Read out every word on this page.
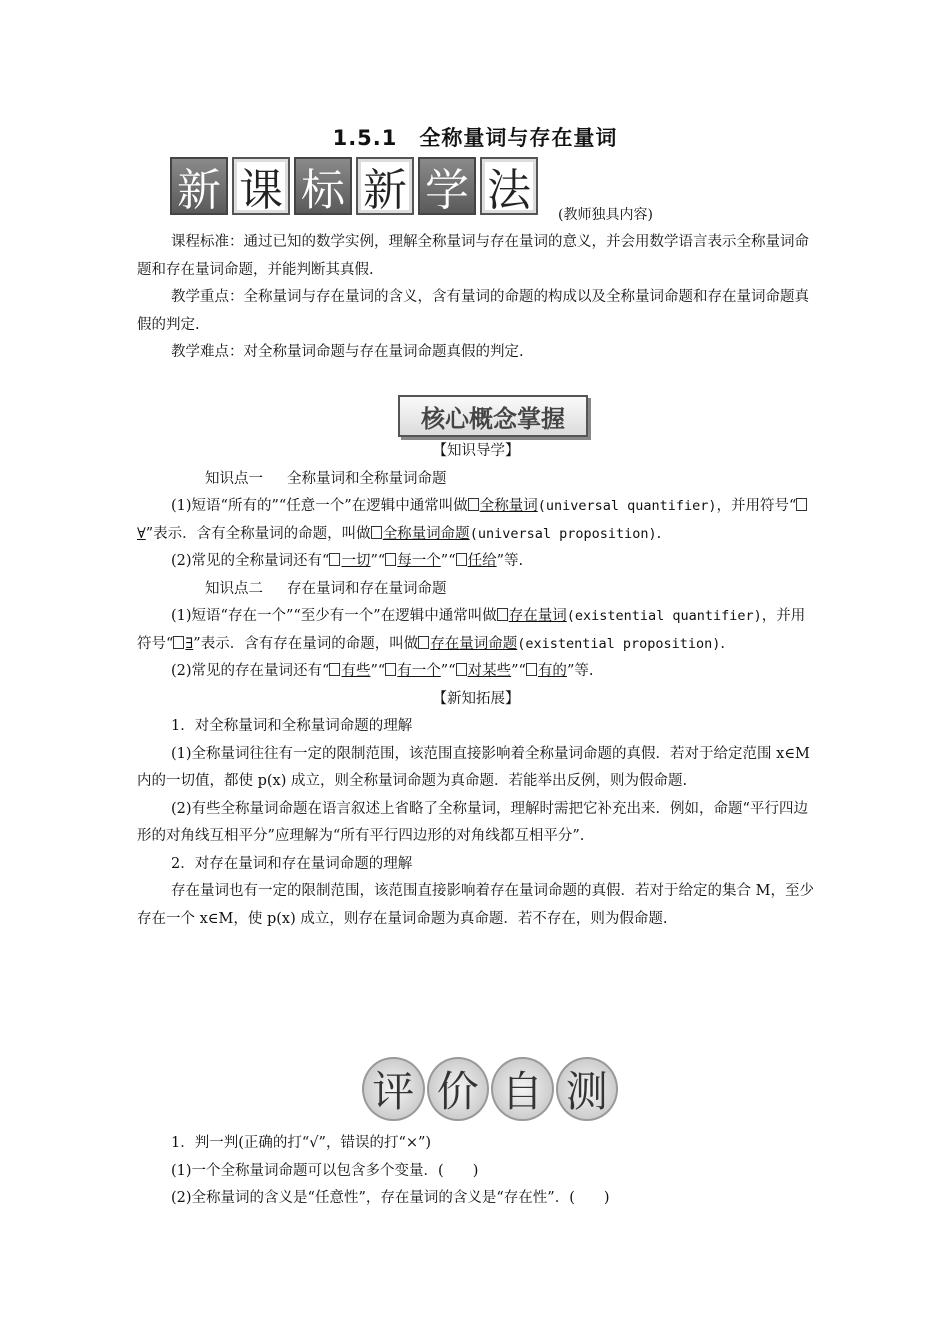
1.5.1　全称量词与存在量词
新 课 标 新 学 法	(教师独具内容)

课程标准：通过已知的数学实例，理解全称量词与存在量词的意义，并会用数学语言表示全称量词命题和存在量词命题，并能判断其真假.

教学重点：全称量词与存在量词的含义，含有量词的命题的构成以及全称量词命题和存在量词命题真假的判定.

教学难点：对全称量词命题与存在量词命题真假的判定.

核心概念掌握

【知识导学】

知识点一 全称量词和全称量词命题

(1)短语“所有的”“任意一个”在逻辑中通常叫做 全称量词(universal quantifier)，并用符号“∀”表示．含有全称量词的命题，叫做 全称量词命题(universal proposition).

(2)常见的全称量词还有“ 一切”“ 每一个”“ 任给”等.

知识点二 存在量词和存在量词命题

(1)短语“存在一个”“至少有一个”在逻辑中通常叫做 存在量词(existential quantifier)，并用符号“ ∃”表示．含有存在量词的命题，叫做 存在量词命题(existential proposition).

(2)常见的存在量词还有“ 有些”“ 有一个”“ 对某些”“ 有的”等.

【新知拓展】

1．对全称量词和全称量词命题的理解

(1)全称量词往往有一定的限制范围，该范围直接影响着全称量词命题的真假．若对于给定范围 x∈M 内的一切值，都使 p(x) 成立，则全称量词命题为真命题．若能举出反例，则为假命题.

(2)有些全称量词命题在语言叙述上省略了全称量词，理解时需把它补充出来．例如，命题“平行四边形的对角线互相平分”应理解为“所有平行四边形的对角线都互相平分”.

2．对存在量词和存在量词命题的理解

存在量词也有一定的限制范围，该范围直接影响着存在量词命题的真假．若对于给定的集合 M，至少存在一个 x∈M，使 p(x) 成立，则存在量词命题为真命题．若不存在，则为假命题.

评 价 自 测

1．判一判(正确的打“√”，错误的打“×”)

(1)一个全称量词命题可以包含多个变量．(　　)

(2)全称量词的含义是“任意性”，存在量词的含义是“存在性”．(　　)
